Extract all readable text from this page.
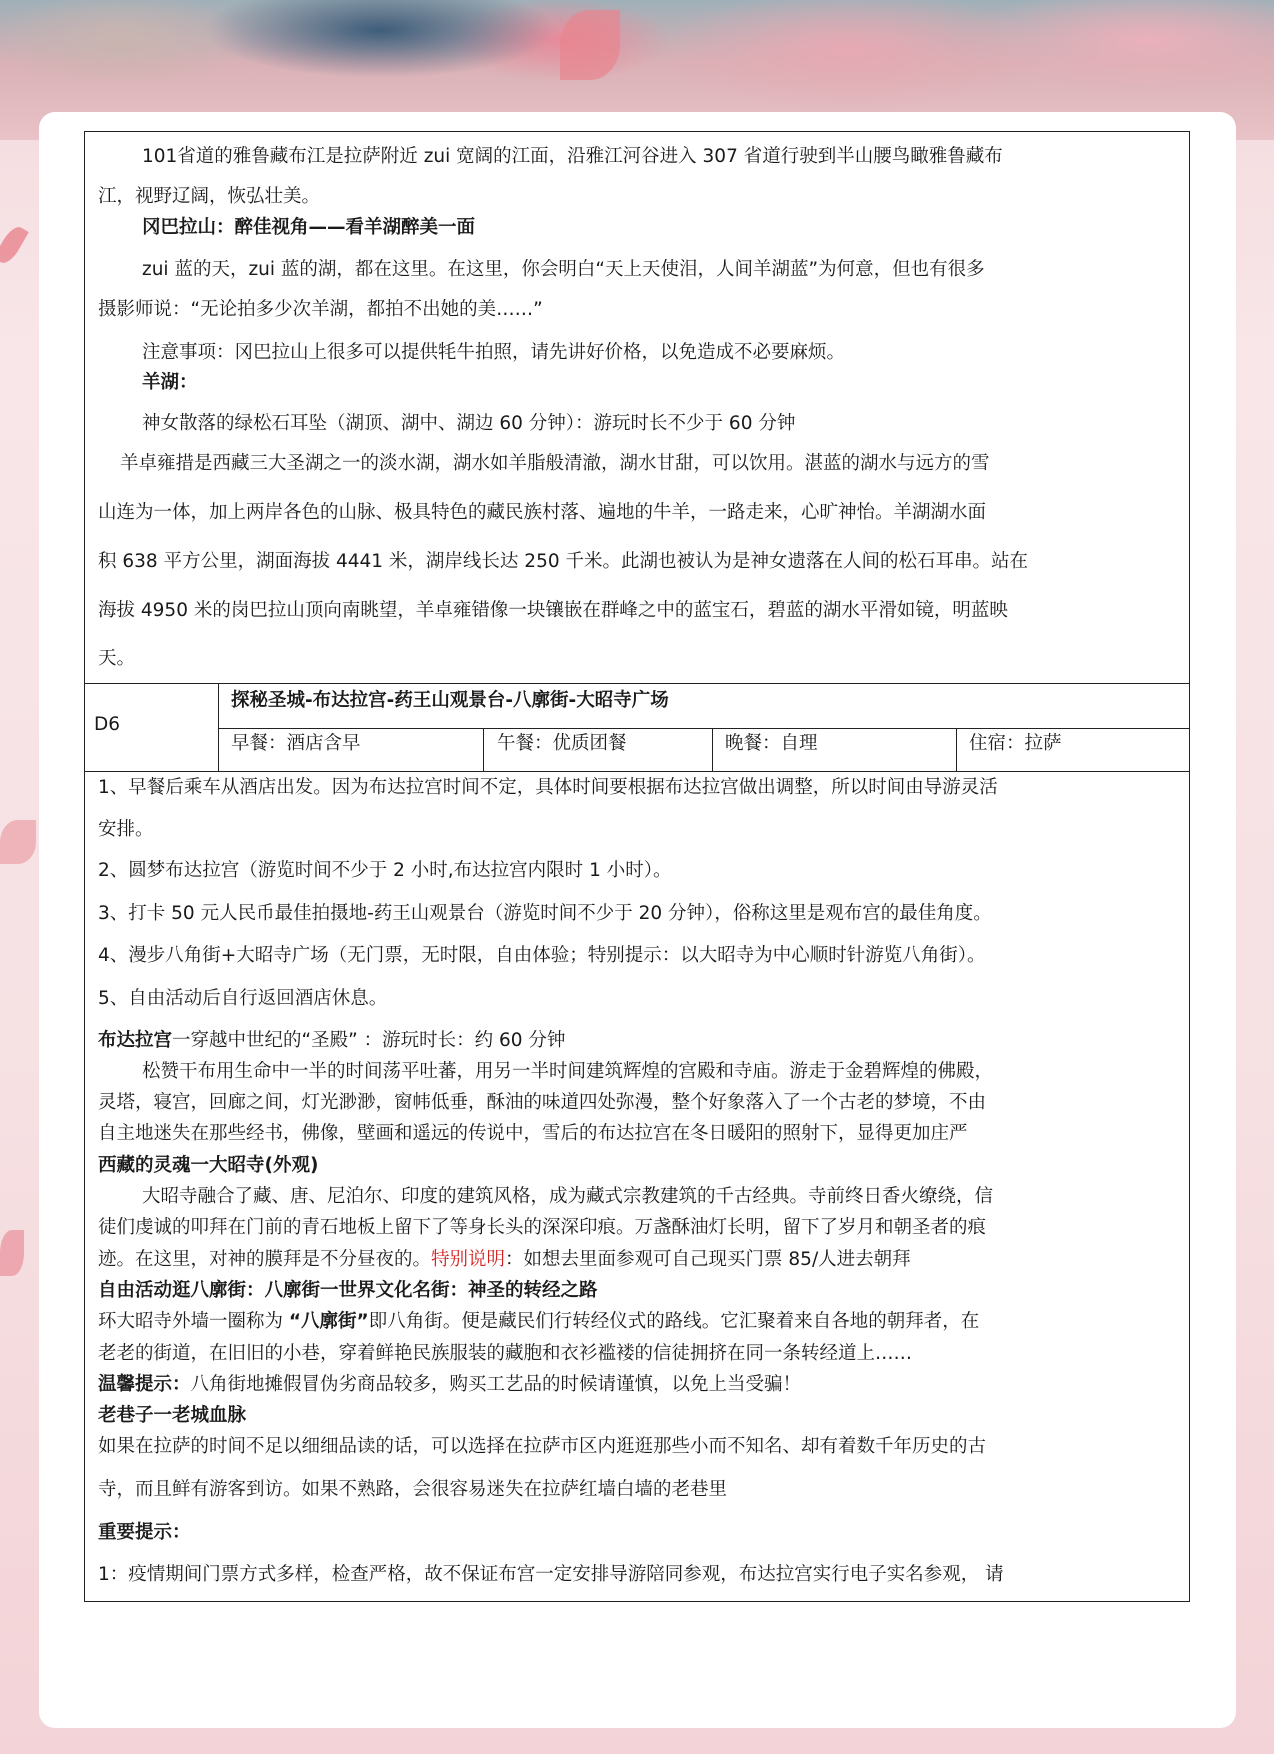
101省道的雅鲁藏布江是拉萨附近 zui 宽阔的江面，沿雅江河谷进入 307 省道行驶到半山腰鸟瞰雅鲁藏布
江，视野辽阔，恢弘壮美。
冈巴拉山：醉佳视角——看羊湖醉美一面
zui 蓝的天，zui 蓝的湖，都在这里。在这里，你会明白“天上天使泪，人间羊湖蓝”为何意，但也有很多
摄影师说：“无论拍多少次羊湖，都拍不出她的美……”
注意事项：冈巴拉山上很多可以提供牦牛拍照，请先讲好价格，以免造成不必要麻烦。
羊湖：
神女散落的绿松石耳坠（湖顶、湖中、湖边 60 分钟）：游玩时长不少于 60 分钟
羊卓雍措是西藏三大圣湖之一的淡水湖，湖水如羊脂般清澈，湖水甘甜，可以饮用。湛蓝的湖水与远方的雪
山连为一体，加上两岸各色的山脉、极具特色的藏民族村落、遍地的牛羊，一路走来，心旷神怡。羊湖湖水面
积 638 平方公里，湖面海拔 4441 米，湖岸线长达 250 千米。此湖也被认为是神女遗落在人间的松石耳串。站在
海拔 4950 米的岗巴拉山顶向南眺望，羊卓雍错像一块镶嵌在群峰之中的蓝宝石，碧蓝的湖水平滑如镜，明蓝映
天。
D6
探秘圣城-布达拉宫-药王山观景台-八廓街-大昭寺广场
早餐：酒店含早	午餐：优质团餐	晚餐：自理	住宿：拉萨
1、早餐后乘车从酒店出发。因为布达拉宫时间不定，具体时间要根据布达拉宫做出调整，所以时间由导游灵活
安排。
2、圆梦布达拉宫（游览时间不少于 2 小时,布达拉宫内限时 1 小时）。
3、打卡 50 元人民币最佳拍摄地-药王山观景台（游览时间不少于 20 分钟），俗称这里是观布宫的最佳角度。
4、漫步八角街+大昭寺广场（无门票，无时限，自由体验；特别提示：以大昭寺为中心顺时针游览八角街）。
5、自由活动后自行返回酒店休息。
布达拉宫一穿越中世纪的“圣殿” ：游玩时长：约 60 分钟
松赞干布用生命中一半的时间荡平吐蕃，用另一半时间建筑辉煌的宫殿和寺庙。游走于金碧辉煌的佛殿，
灵塔，寝宫，回廊之间，灯光渺渺，窗帏低垂，酥油的味道四处弥漫，整个好象落入了一个古老的梦境，不由
自主地迷失在那些经书，佛像，壁画和遥远的传说中，雪后的布达拉宫在冬日暖阳的照射下，显得更加庄严
西藏的灵魂一大昭寺(外观)
大昭寺融合了藏、唐、尼泊尔、印度的建筑风格，成为藏式宗教建筑的千古经典。寺前终日香火缭绕，信
徒们虔诚的叩拜在门前的青石地板上留下了等身长头的深深印痕。万盏酥油灯长明，留下了岁月和朝圣者的痕
迹。在这里，对神的膜拜是不分昼夜的。特别说明：如想去里面参观可自己现买门票 85/人进去朝拜
自由活动逛八廓街：八廓街一世界文化名街：神圣的转经之路
环大昭寺外墙一圈称为 “八廓街”即八角街。便是藏民们行转经仪式的路线。它汇聚着来自各地的朝拜者，在
老老的街道，在旧旧的小巷，穿着鲜艳民族服装的藏胞和衣衫褴褛的信徒拥挤在同一条转经道上……
温馨提示：八角街地摊假冒伪劣商品较多，购买工艺品的时候请谨慎，以免上当受骗！
老巷子一老城血脉
如果在拉萨的时间不足以细细品读的话，可以选择在拉萨市区内逛逛那些小而不知名、却有着数千年历史的古
寺，而且鲜有游客到访。如果不熟路，会很容易迷失在拉萨红墙白墙的老巷里
重要提示：
1：疫情期间门票方式多样，检查严格，故不保证布宫一定安排导游陪同参观，布达拉宫实行电子实名参观， 请
